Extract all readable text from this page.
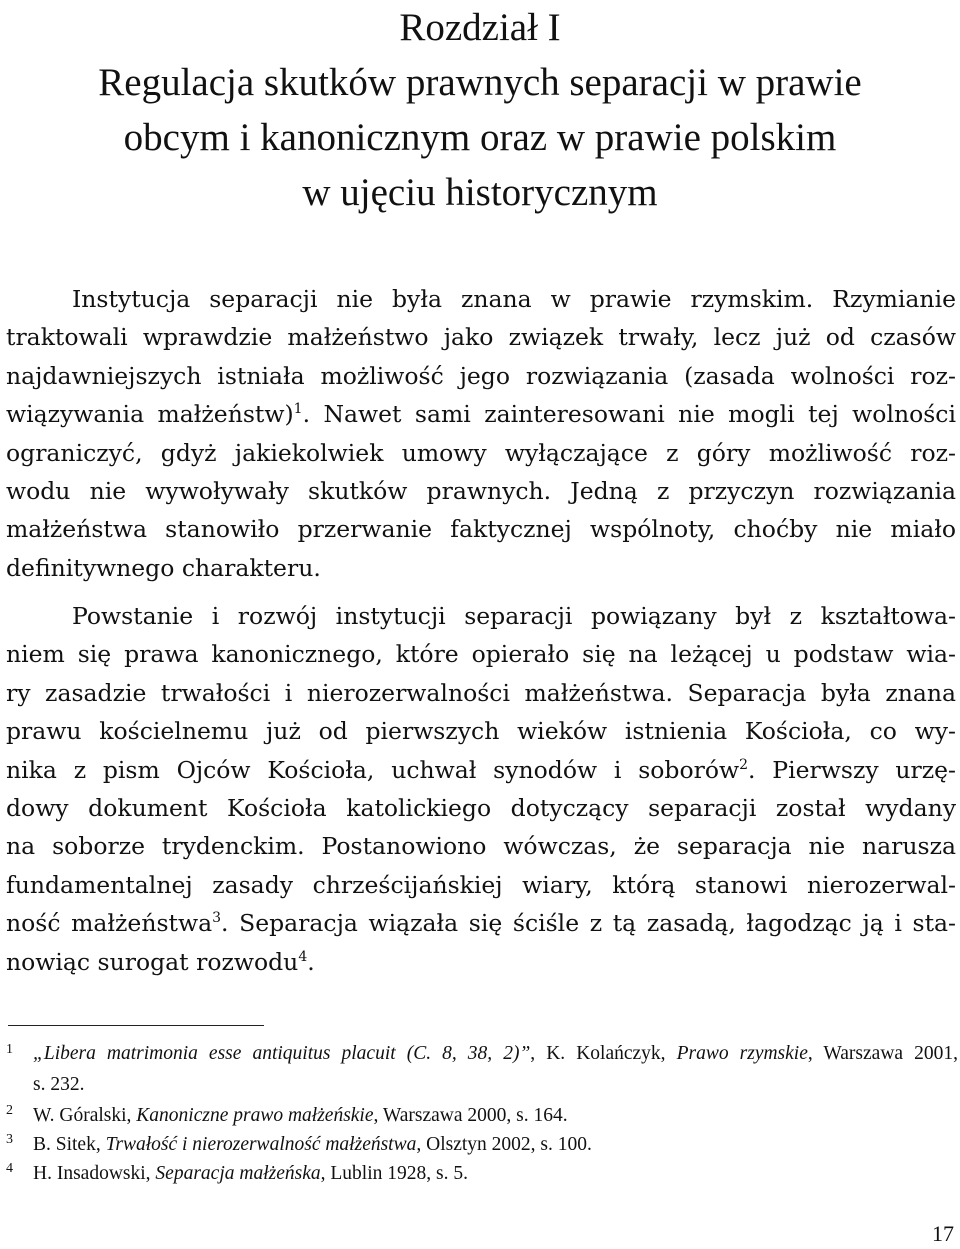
Rozdział I
Regulacja skutków prawnych separacji w prawie
obcym i kanonicznym oraz w prawie polskim
w ujęciu historycznym
Instytucja separacji nie była znana w prawie rzymskim. Rzymianie
traktowali wprawdzie małżeństwo jako związek trwały, lecz już od czasów
najdawniejszych istniała możliwość jego rozwiązania (zasada wolności roz-
wiązywania małżeństw)$^1$. Nawet sami zainteresowani nie mogli tej wolności
ograniczyć, gdyż jakiekolwiek umowy wyłączające z góry możliwość roz-
wodu nie wywoływały skutków prawnych. Jedną z przyczyn rozwiązania
małżeństwa stanowiło przerwanie faktycznej wspólnoty, choćby nie miało
definitywnego charakteru.
Powstanie i rozwój instytucji separacji powiązany był z kształtowa-
niem się prawa kanonicznego, które opierało się na leżącej u podstaw wia-
ry zasadzie trwałości i nierozerwalności małżeństwa. Separacja była znana
prawu kościelnemu już od pierwszych wieków istnienia Kościoła, co wy-
nika z pism Ojców Kościoła, uchwał synodów i soborów$^2$. Pierwszy urzę-
dowy dokument Kościoła katolickiego dotyczący separacji został wydany
na soborze trydenckim. Postanowiono wówczas, że separacja nie narusza
fundamentalnej zasady chrześcijańskiej wiary, którą stanowi nierozerwal-
ność małżeństwa$^3$. Separacja wiązała się ściśle z tą zasadą, łagodząc ją i sta-
nowiąc surogat rozwodu$^4$.
1 „Libera matrimonia esse antiquitus placuit (C. 8, 38, 2)”, K. Kolańczyk, Prawo rzymskie, Warszawa 2001,
s. 232.
2 W. Góralski, Kanoniczne prawo małżeńskie, Warszawa 2000, s. 164.
3 B. Sitek, Trwałość i nierozerwalność małżeństwa, Olsztyn 2002, s. 100.
4 H. Insadowski, Separacja małżeńska, Lublin 1928, s. 5.
17
